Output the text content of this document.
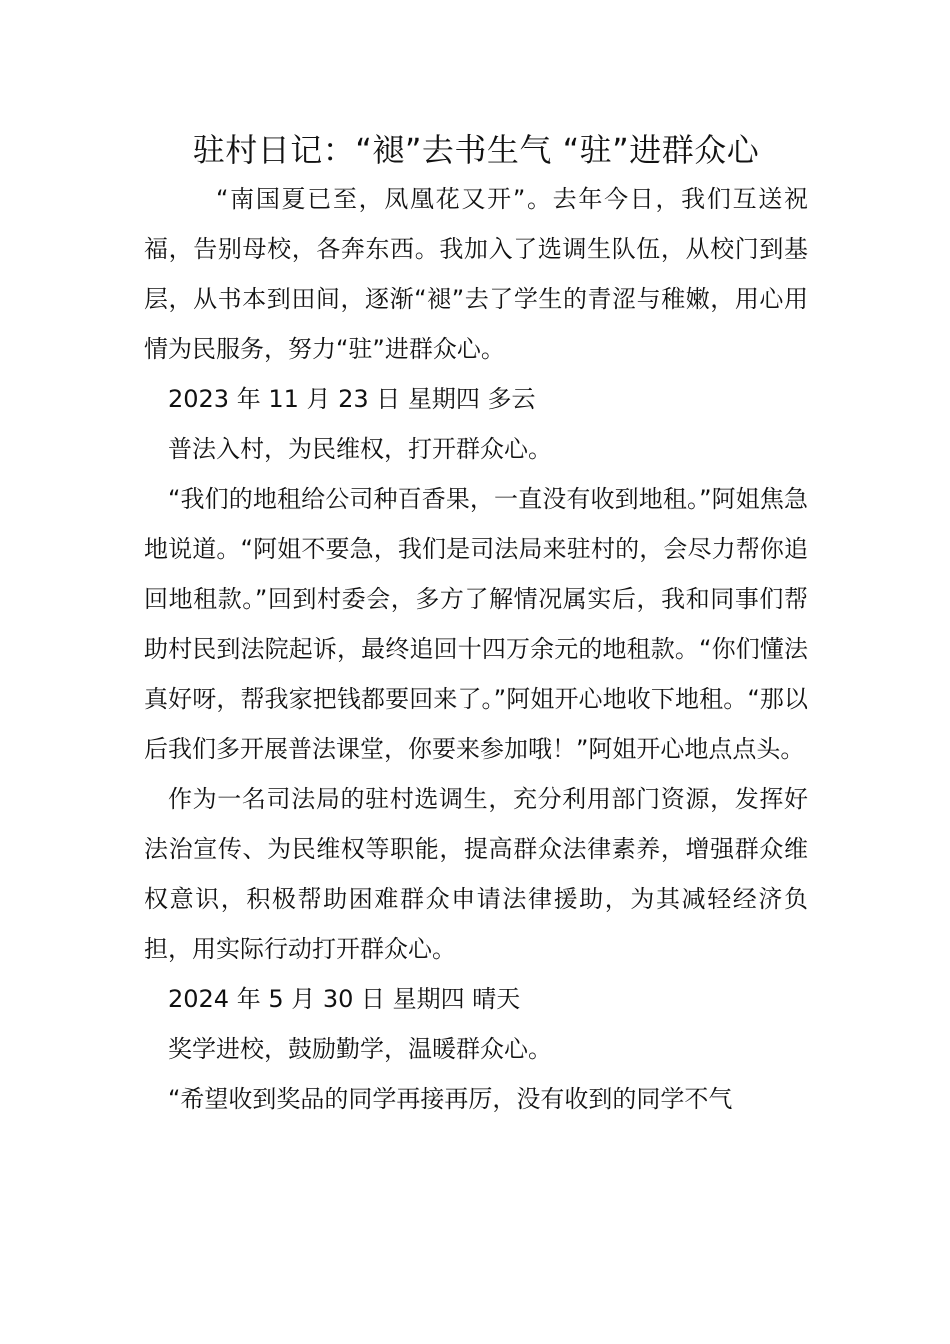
驻村日记：“褪”去书生气 “驻”进群众心

“南国夏已至，凤凰花又开”。去年今日，我们互送祝福，告别母校，各奔东西。我加入了选调生队伍，从校门到基层，从书本到田间，逐渐“褪”去了学生的青涩与稚嫩，用心用情为民服务，努力“驻”进群众心。

2023 年 11 月 23 日 星期四 多云

普法入村，为民维权，打开群众心。

“我们的地租给公司种百香果，一直没有收到地租。”阿姐焦急地说道。“阿姐不要急，我们是司法局来驻村的，会尽力帮你追回地租款。”回到村委会，多方了解情况属实后，我和同事们帮助村民到法院起诉，最终追回十四万余元的地租款。“你们懂法真好呀，帮我家把钱都要回来了。”阿姐开心地收下地租。“那以后我们多开展普法课堂，你要来参加哦！”阿姐开心地点点头。

作为一名司法局的驻村选调生，充分利用部门资源，发挥好法治宣传、为民维权等职能，提高群众法律素养，增强群众维权意识，积极帮助困难群众申请法律援助，为其减轻经济负担，用实际行动打开群众心。

2024 年 5 月 30 日 星期四 晴天

奖学进校，鼓励勤学，温暖群众心。

“希望收到奖品的同学再接再厉，没有收到的同学不气
